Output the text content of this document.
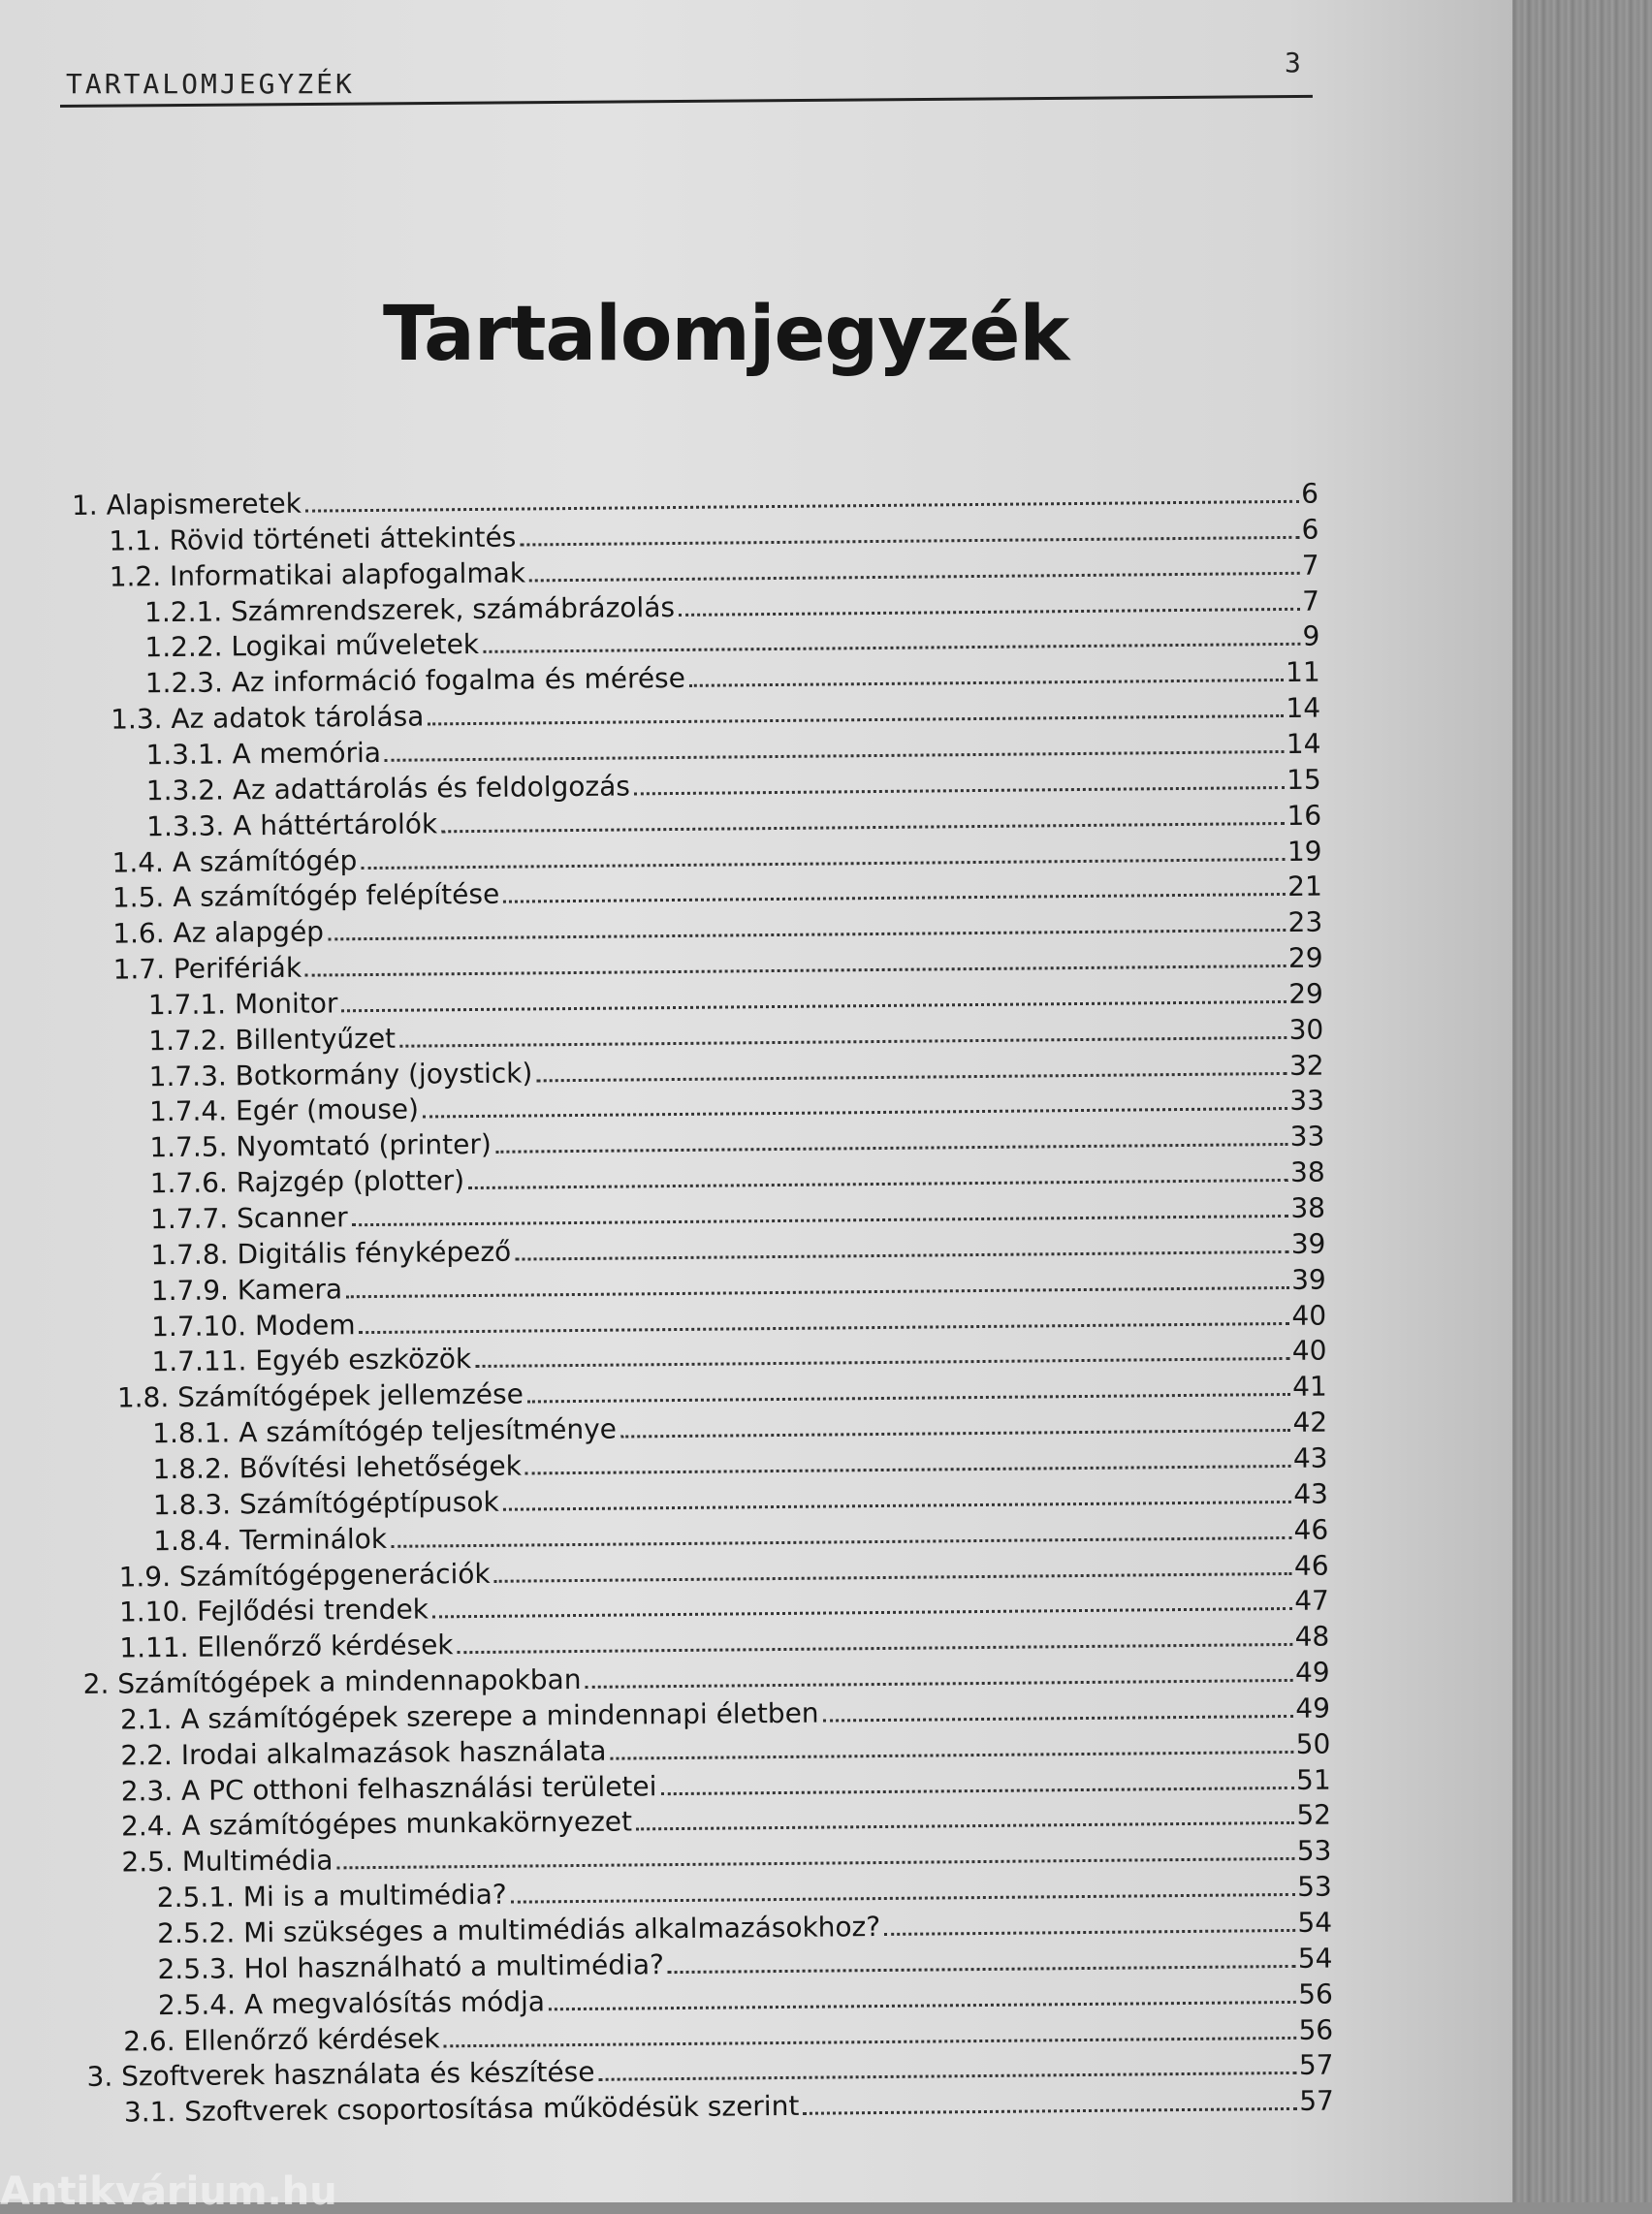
TARTALOMJEGYZÉK
3
Tartalomjegyzék
1. Alapismeretek	6
1.1. Rövid történeti áttekintés	6
1.2. Informatikai alapfogalmak	7
1.2.1. Számrendszerek, számábrázolás	7
1.2.2. Logikai műveletek	9
1.2.3. Az információ fogalma és mérése	11
1.3. Az adatok tárolása	14
1.3.1. A memória	14
1.3.2. Az adattárolás és feldolgozás	15
1.3.3. A háttértárolók	16
1.4. A számítógép	19
1.5. A számítógép felépítése	21
1.6. Az alapgép	23
1.7. Perifériák	29
1.7.1. Monitor	29
1.7.2. Billentyűzet	30
1.7.3. Botkormány (joystick)	32
1.7.4. Egér (mouse)	33
1.7.5. Nyomtató (printer)	33
1.7.6. Rajzgép (plotter)	38
1.7.7. Scanner	38
1.7.8. Digitális fényképező	39
1.7.9. Kamera	39
1.7.10. Modem	40
1.7.11. Egyéb eszközök	40
1.8. Számítógépek jellemzése	41
1.8.1. A számítógép teljesítménye	42
1.8.2. Bővítési lehetőségek	43
1.8.3. Számítógéptípusok	43
1.8.4. Terminálok	46
1.9. Számítógépgenerációk	46
1.10. Fejlődési trendek	47
1.11. Ellenőrző kérdések	48
2. Számítógépek a mindennapokban	49
2.1. A számítógépek szerepe a mindennapi életben	49
2.2. Irodai alkalmazások használata	50
2.3. A PC otthoni felhasználási területei	51
2.4. A számítógépes munkakörnyezet	52
2.5. Multimédia	53
2.5.1. Mi is a multimédia?	53
2.5.2. Mi szükséges a multimédiás alkalmazásokhoz?	54
2.5.3. Hol használható a multimédia?	54
2.5.4. A megvalósítás módja	56
2.6. Ellenőrző kérdések	56
3. Szoftverek használata és készítése	57
3.1. Szoftverek csoportosítása működésük szerint	57
Antikvárium.hu
